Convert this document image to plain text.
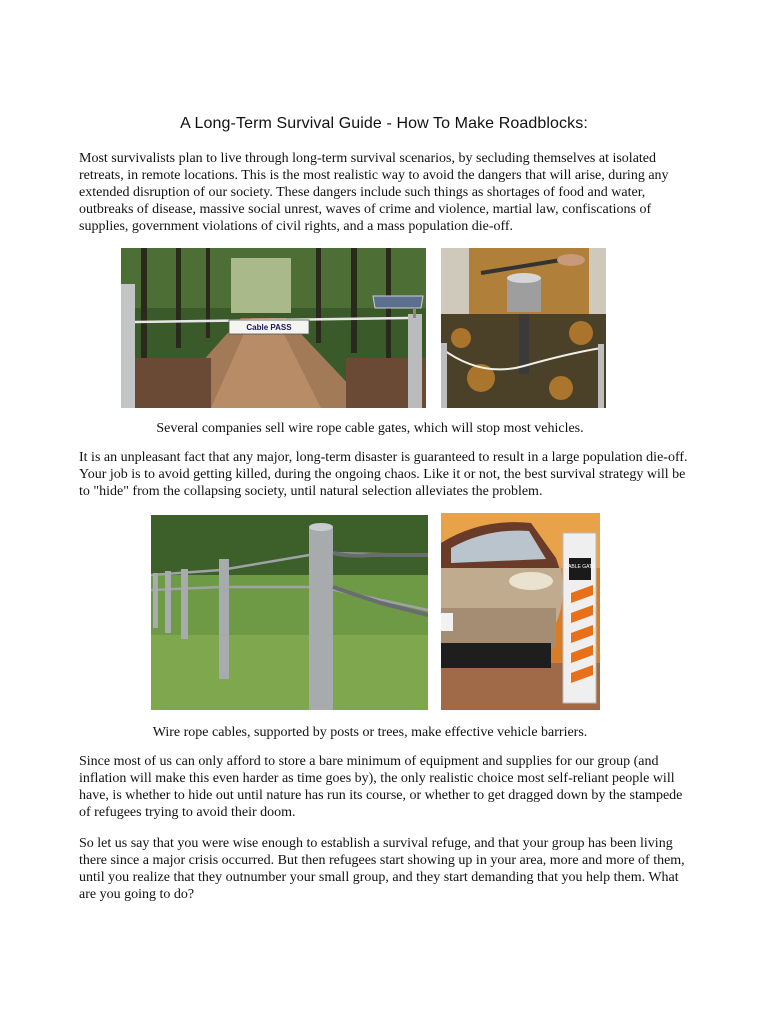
A Long-Term Survival Guide - How To Make Roadblocks:

Most survivalists plan to live through long-term survival scenarios, by secluding themselves at isolated retreats, in remote locations. This is the most realistic way to avoid the dangers that will arise, during any extended disruption of our society. These dangers include such things as shortages of food and water, outbreaks of disease, massive social unrest, waves of crime and violence, martial law, confiscations of supplies, government violations of civil rights, and a mass population die-off.

Cable PASS
Several companies sell wire rope cable gates, which will stop most vehicles.

It is an unpleasant fact that any major, long-term disaster is guaranteed to result in a large population die-off. Your job is to avoid getting killed, during the ongoing chaos. Like it or not, the best survival strategy will be to "hide" from the collapsing society, until natural selection alleviates the problem.

CABLE GATE
Wire rope cables, supported by posts or trees, make effective vehicle barriers.

Since most of us can only afford to store a bare minimum of equipment and supplies for our group (and inflation will make this even harder as time goes by), the only realistic choice most self-reliant people will have, is whether to hide out until nature has run its course, or whether to get dragged down by the stampede of refugees trying to avoid their doom.

So let us say that you were wise enough to establish a survival refuge, and that your group has been living there since a major crisis occurred. But then refugees start showing up in your area, more and more of them, until you realize that they outnumber your small group, and they start demanding that you help them. What are you going to do?
